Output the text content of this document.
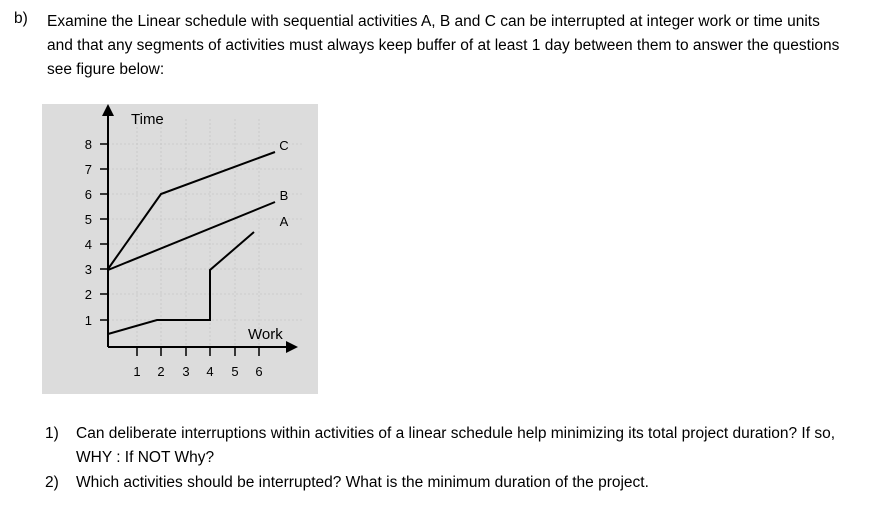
b) Examine the Linear schedule with sequential activities A, B and C can be interrupted at integer work or time units and that any segments of activities must always keep buffer of at least 1 day between them to answer the questions see figure below:
1
2
3
4
5
6
7
8
1 2 3 4 5 6
Time
Work
C
B
A
1)	Can deliberate interruptions within activities of a linear schedule help minimizing its total project duration? If so, WHY : If NOT Why?
2)	Which activities should be interrupted? What is the minimum duration of the project.
